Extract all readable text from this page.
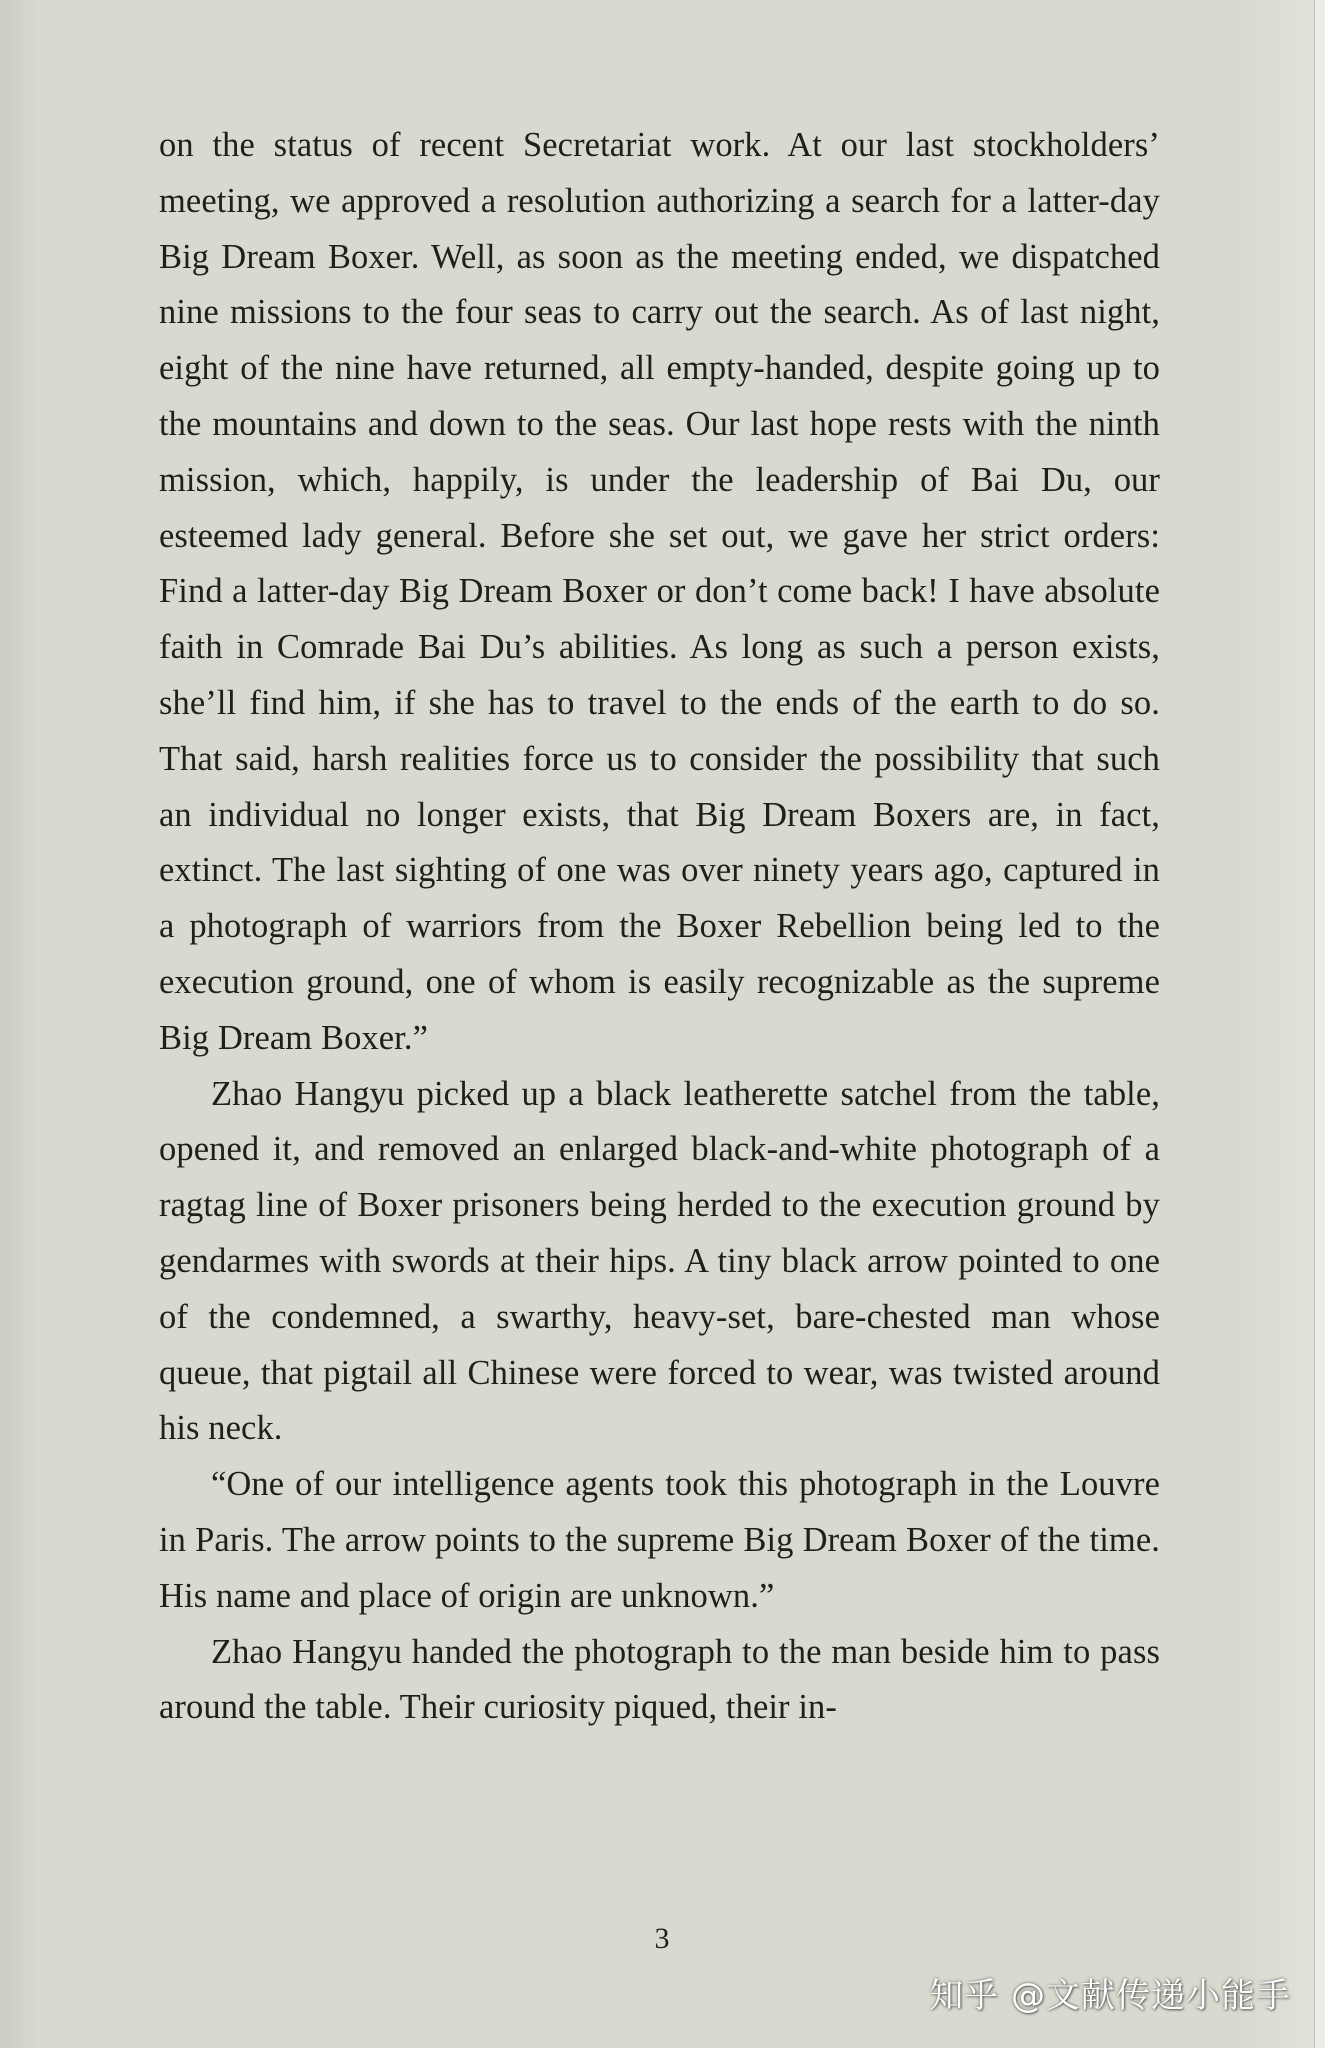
on the status of recent Secretariat work. At our last stockholders’ meeting, we approved a resolution authorizing a search for a latter-day Big Dream Boxer. Well, as soon as the meeting ended, we dispatched nine missions to the four seas to carry out the search. As of last night, eight of the nine have returned, all empty-handed, despite going up to the mountains and down to the seas. Our last hope rests with the ninth mission, which, happily, is under the leadership of Bai Du, our esteemed lady general. Before she set out, we gave her strict orders: Find a latter-day Big Dream Boxer or don’t come back! I have absolute faith in Comrade Bai Du’s abilities. As long as such a person exists, she’ll find him, if she has to travel to the ends of the earth to do so. That said, harsh realities force us to consider the possibility that such an individual no longer exists, that Big Dream Boxers are, in fact, extinct. The last sighting of one was over ninety years ago, captured in a photograph of warriors from the Boxer Rebellion being led to the execution ground, one of whom is easily recognizable as the supreme Big Dream Boxer.”

Zhao Hangyu picked up a black leatherette satchel from the table, opened it, and removed an enlarged black-and-white photograph of a ragtag line of Boxer prisoners being herded to the execution ground by gendarmes with swords at their hips. A tiny black arrow pointed to one of the condemned, a swarthy, heavy-set, bare-chested man whose queue, that pigtail all Chinese were forced to wear, was twisted around his neck.

“One of our intelligence agents took this photograph in the Louvre in Paris. The arrow points to the supreme Big Dream Boxer of the time. His name and place of origin are unknown.”

Zhao Hangyu handed the photograph to the man beside him to pass around the table. Their curiosity piqued, their in-

3
知乎 @文献传递小能手
